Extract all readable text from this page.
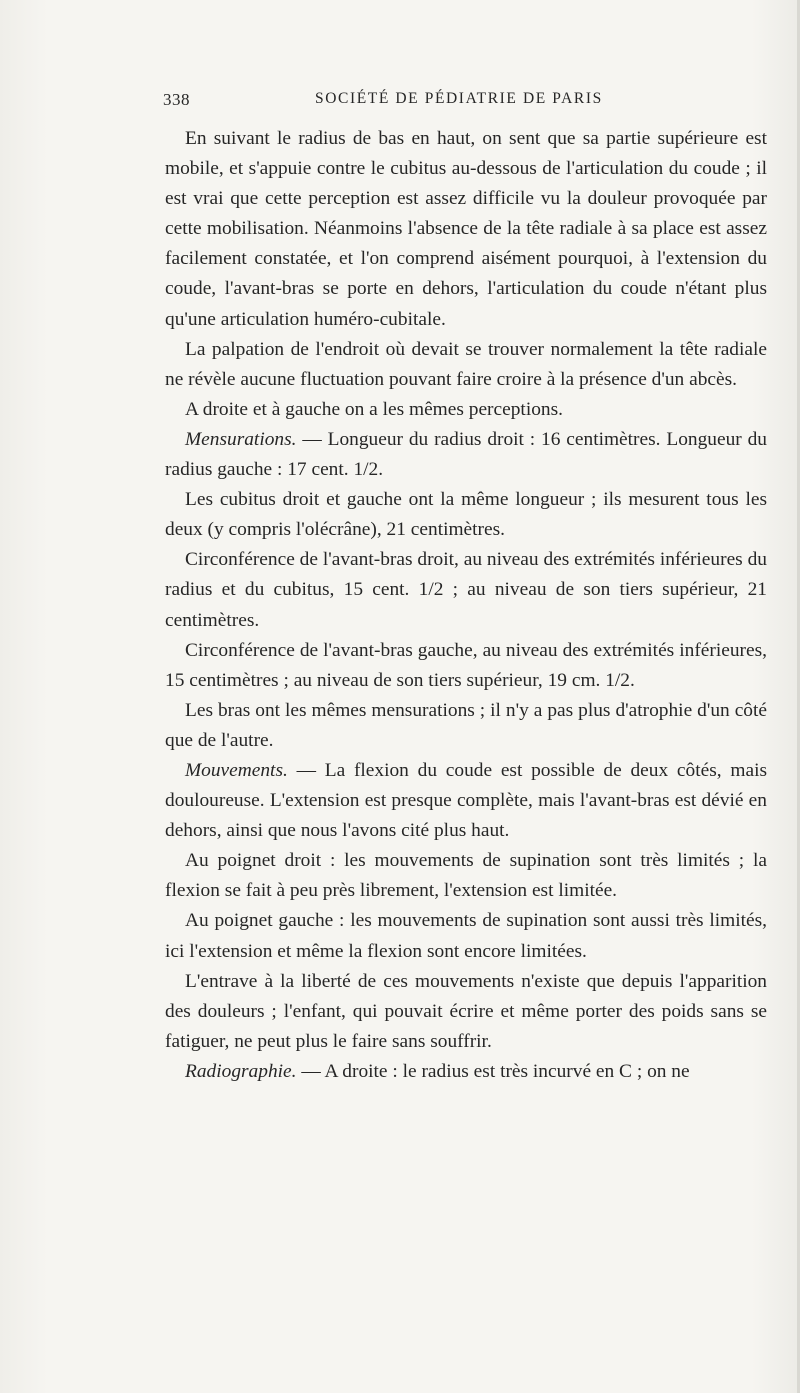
338	SOCIÉTÉ DE PÉDIATRIE DE PARIS

En suivant le radius de bas en haut, on sent que sa partie supérieure est mobile, et s'appuie contre le cubitus au-dessous de l'articulation du coude ; il est vrai que cette perception est assez difficile vu la douleur provoquée par cette mobilisation. Néanmoins l'absence de la tête radiale à sa place est assez facilement constatée, et l'on comprend aisément pourquoi, à l'extension du coude, l'avant-bras se porte en dehors, l'articulation du coude n'étant plus qu'une articulation huméro-cubitale.

La palpation de l'endroit où devait se trouver normalement la tête radiale ne révèle aucune fluctuation pouvant faire croire à la présence d'un abcès.

A droite et à gauche on a les mêmes perceptions.

Mensurations. — Longueur du radius droit : 16 centimètres. Longueur du radius gauche : 17 cent. 1/2.

Les cubitus droit et gauche ont la même longueur ; ils mesurent tous les deux (y compris l'olécrâne), 21 centimètres.

Circonférence de l'avant-bras droit, au niveau des extrémités inférieures du radius et du cubitus, 15 cent. 1/2 ; au niveau de son tiers supérieur, 21 centimètres.

Circonférence de l'avant-bras gauche, au niveau des extrémités inférieures, 15 centimètres ; au niveau de son tiers supérieur, 19 cm. 1/2.

Les bras ont les mêmes mensurations ; il n'y a pas plus d'atrophie d'un côté que de l'autre.

Mouvements. — La flexion du coude est possible de deux côtés, mais douloureuse. L'extension est presque complète, mais l'avant-bras est dévié en dehors, ainsi que nous l'avons cité plus haut.

Au poignet droit : les mouvements de supination sont très limités ; la flexion se fait à peu près librement, l'extension est limitée.

Au poignet gauche : les mouvements de supination sont aussi très limités, ici l'extension et même la flexion sont encore limitées.

L'entrave à la liberté de ces mouvements n'existe que depuis l'apparition des douleurs ; l'enfant, qui pouvait écrire et même porter des poids sans se fatiguer, ne peut plus le faire sans souffrir.

Radiographie. — A droite : le radius est très incurvé en C ; on ne
